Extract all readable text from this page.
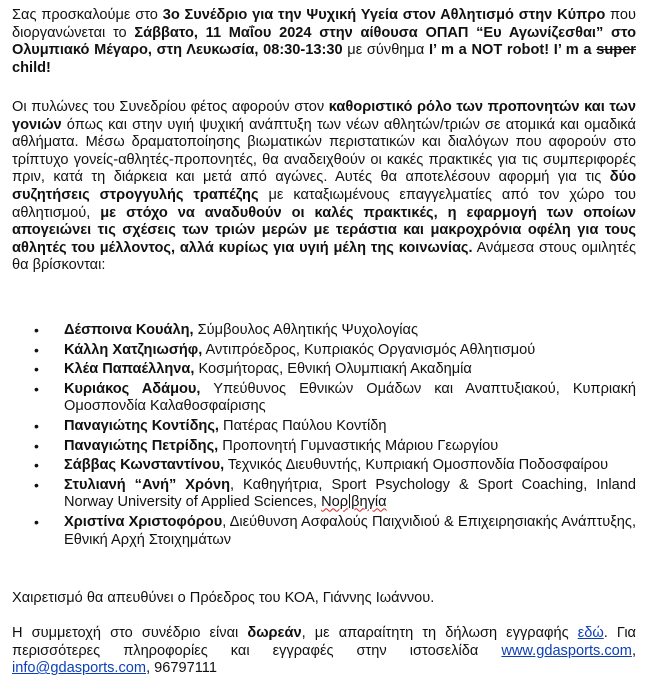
Σας προσκαλούμε στο 3ο Συνέδριο για την Ψυχική Υγεία στον Αθλητισμό στην Κύπρο που διοργανώνεται το Σάββατο, 11 Μαΐου 2024 στην αίθουσα ΟΠΑΠ “Ευ Αγωνίζεσθαι” στο Ολυμπιακό Μέγαρο, στη Λευκωσία, 08:30-13:30 με σύνθημα I’ m a NOT robot! I’ m a super child!

Οι πυλώνες του Συνεδρίου φέτος αφορούν στον καθοριστικό ρόλο των προπονητών και των γονιών όπως και στην υγιή ψυχική ανάπτυξη των νέων αθλητών/τριών σε ατομικά και ομαδικά αθλήματα. Μέσω δραματοποίησης βιωματικών περιστατικών και διαλόγων που αφορούν στο τρίπτυχο γονείς-αθλητές-προπονητές, θα αναδειχθούν οι κακές πρακτικές για τις συμπεριφορές πριν, κατά τη διάρκεια και μετά από αγώνες. Αυτές θα αποτελέσουν αφορμή για τις δύο συζητήσεις στρογγυλής τραπέζης με καταξιωμένους επαγγελματίες από τον χώρο του αθλητισμού, με στόχο να αναδυθούν οι καλές πρακτικές, η εφαρμογή των οποίων απογειώνει τις σχέσεις των τριών μερών με τεράστια και μακροχρόνια οφέλη για τους αθλητές του μέλλοντος, αλλά κυρίως για υγιή μέλη της κοινωνίας. Ανάμεσα στους ομιλητές θα βρίσκονται:

• Δέσποινα Κουάλη, Σύμβουλος Αθλητικής Ψυχολογίας
• Κάλλη Χατζηιωσήφ, Αντιπρόεδρος, Κυπριακός Οργανισμός Αθλητισμού
• Κλέα Παπαέλληνα, Κοσμήτορας, Εθνική Ολυμπιακή Ακαδημία
• Κυριάκος Αδάμου, Υπεύθυνος Εθνικών Ομάδων και Αναπτυξιακού, Κυπριακή Ομοσπονδία Καλαθοσφαίρισης
• Παναγιώτης Κοντίδης, Πατέρας Παύλου Κοντίδη
• Παναγιώτης Πετρίδης, Προπονητή Γυμναστικής Μάριου Γεωργίου
• Σάββας Κωνσταντίνου, Τεχνικός Διευθυντής, Κυπριακή Ομοσπονδία Ποδοσφαίρου
• Στυλιανή “Ανή” Χρόνη, Καθηγήτρια, Sport Psychology & Sport Coaching, Inland Norway University of Applied Sciences, Νορ βηγία
• Χριστίνα Χριστοφόρου, Διεύθυνση Ασφαλούς Παιχνιδιού & Επιχειρησιακής Ανάπτυξης, Εθνική Αρχή Στοιχημάτων

Χαιρετισμό θα απευθύνει ο Πρόεδρος του ΚΟΑ, Γιάννης Ιωάννου.

Η συμμετοχή στο συνέδριο είναι δωρεάν, με απαραίτητη τη δήλωση εγγραφής εδώ. Για περισσότερες πληροφορίες και εγγραφές στην ιστοσελίδα www.gdasports.com, info@gdasports.com, 96797111
